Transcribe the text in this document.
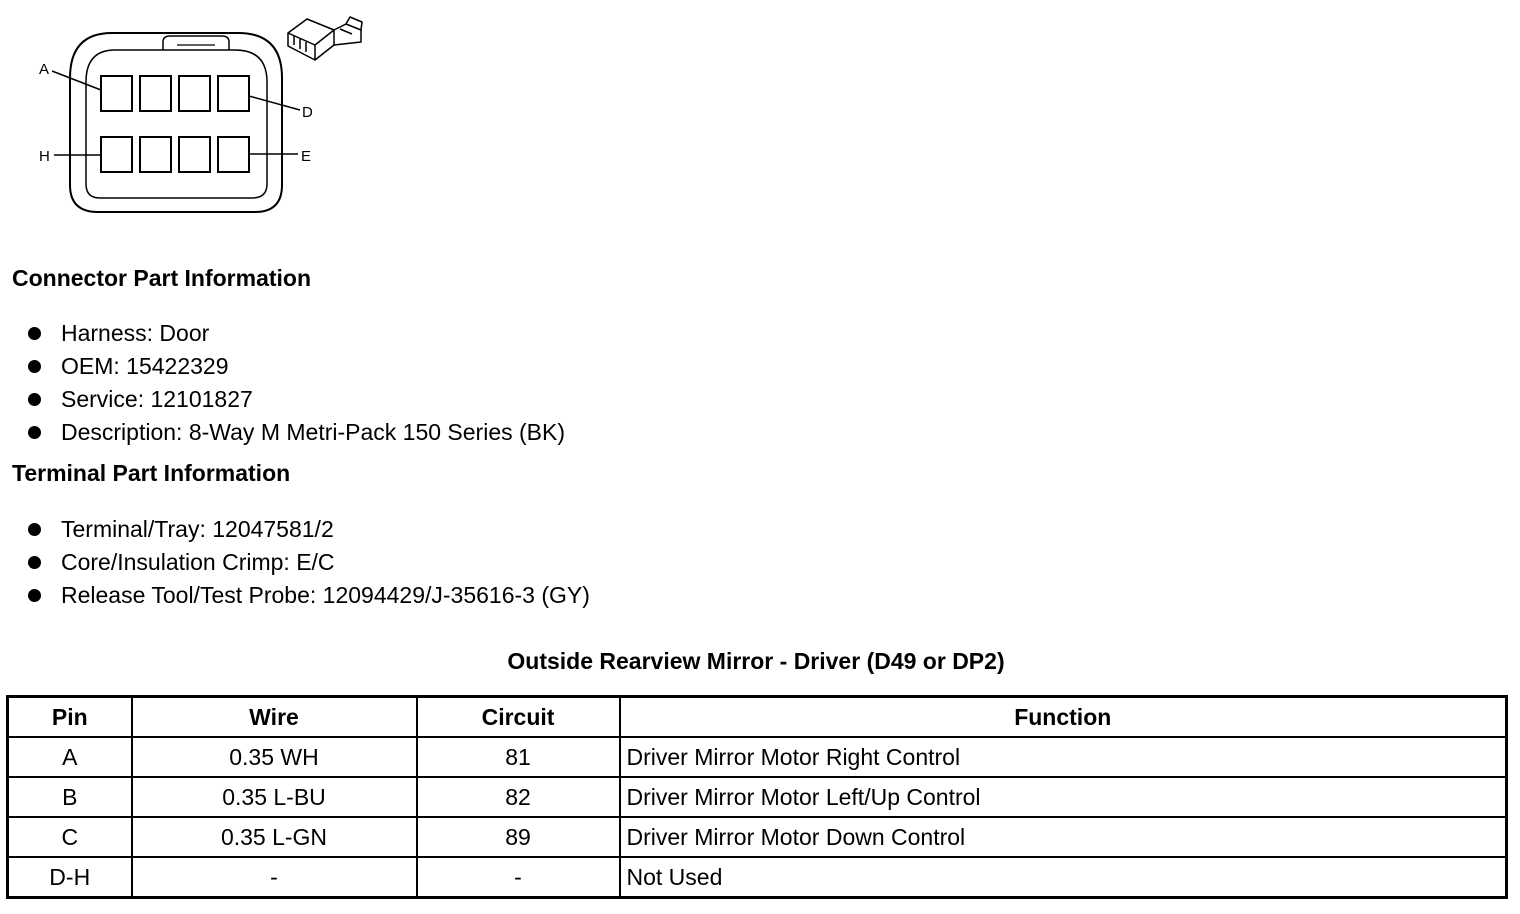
A
D
H	E
Connector Part Information
Harness: Door
OEM: 15422329
Service: 12101827
Description: 8-Way M Metri-Pack 150 Series (BK)
Terminal Part Information
Terminal/Tray: 12047581/2
Core/Insulation Crimp: E/C
Release Tool/Test Probe: 12094429/J-35616-3 (GY)
Outside Rearview Mirror - Driver (D49 or DP2)
Pin	Wire	Circuit	Function
A	0.35 WH	81	Driver Mirror Motor Right Control
B	0.35 L-BU	82	Driver Mirror Motor Left/Up Control
C	0.35 L-GN	89	Driver Mirror Motor Down Control
D-H	-	-	Not Used
